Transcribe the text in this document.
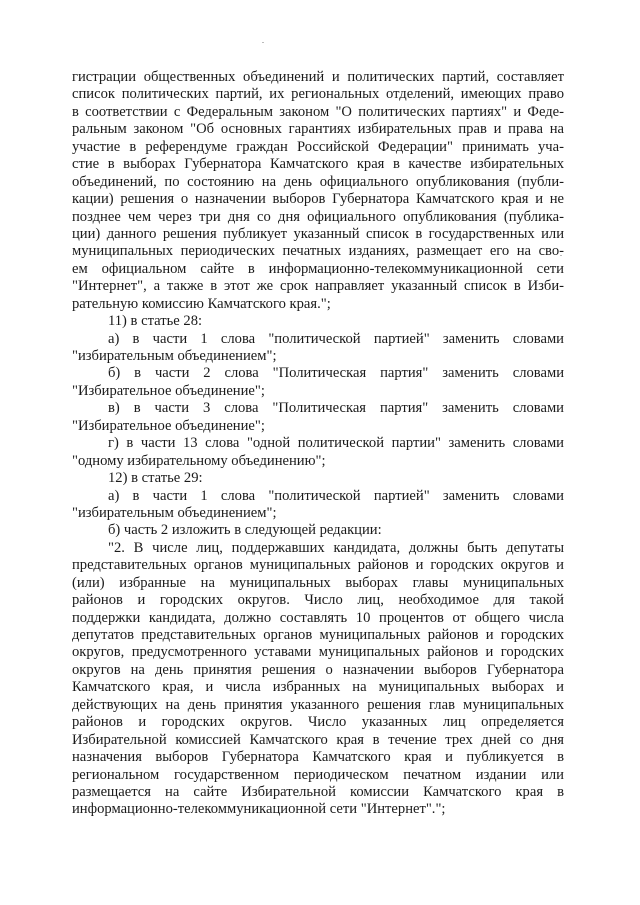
гистрации общественных объединений и политических партий, составляет
список политических партий, их региональных отделений, имеющих право
в соответствии с Федеральным законом "О политических партиях" и Феде-
ральным законом "Об основных гарантиях избирательных прав и права на
участие в референдуме граждан Российской Федерации" принимать уча-
стие в выборах Губернатора Камчатского края в качестве избирательных
объединений, по состоянию на день официального опубликования (публи-
кации) решения о назначении выборов Губернатора Камчатского края и не
позднее чем через три дня со дня официального опубликования (публика-
ции) данного решения публикует указанный список в государственных или
муниципальных периодических печатных изданиях, размещает его на сво-
ем официальном сайте в информационно-телекоммуникационной сети
"Интернет", а также в этот же срок направляет указанный список в Изби-
рательную комиссию Камчатского края.";
11) в статье 28:
а) в части 1 слова "политической партией" заменить словами
"избирательным объединением";
б) в части 2 слова "Политическая партия" заменить словами
"Избирательное объединение";
в) в части 3 слова "Политическая партия" заменить словами
"Избирательное объединение";
г) в части 13 слова "одной политической партии" заменить словами
"одному избирательному объединению";
12) в статье 29:
а) в части 1 слова "политической партией" заменить словами
"избирательным объединением";
б) часть 2 изложить в следующей редакции:
"2. В числе лиц, поддержавших кандидата, должны быть депутаты
представительных органов муниципальных районов и городских округов и
(или) избранные на муниципальных выборах главы муниципальных
районов и городских округов. Число лиц, необходимое для такой
поддержки кандидата, должно составлять 10 процентов от общего числа
депутатов представительных органов муниципальных районов и городских
округов, предусмотренного уставами муниципальных районов и городских
округов на день принятия решения о назначении выборов Губернатора
Камчатского края, и числа избранных на муниципальных выборах и
действующих на день принятия указанного решения глав муниципальных
районов и городских округов. Число указанных лиц определяется
Избирательной комиссией Камчатского края в течение трех дней со дня
назначения выборов Губернатора Камчатского края и публикуется в
региональном государственном периодическом печатном издании или
размещается на сайте Избирательной комиссии Камчатского края в
информационно-телекоммуникационной сети "Интернет".";
